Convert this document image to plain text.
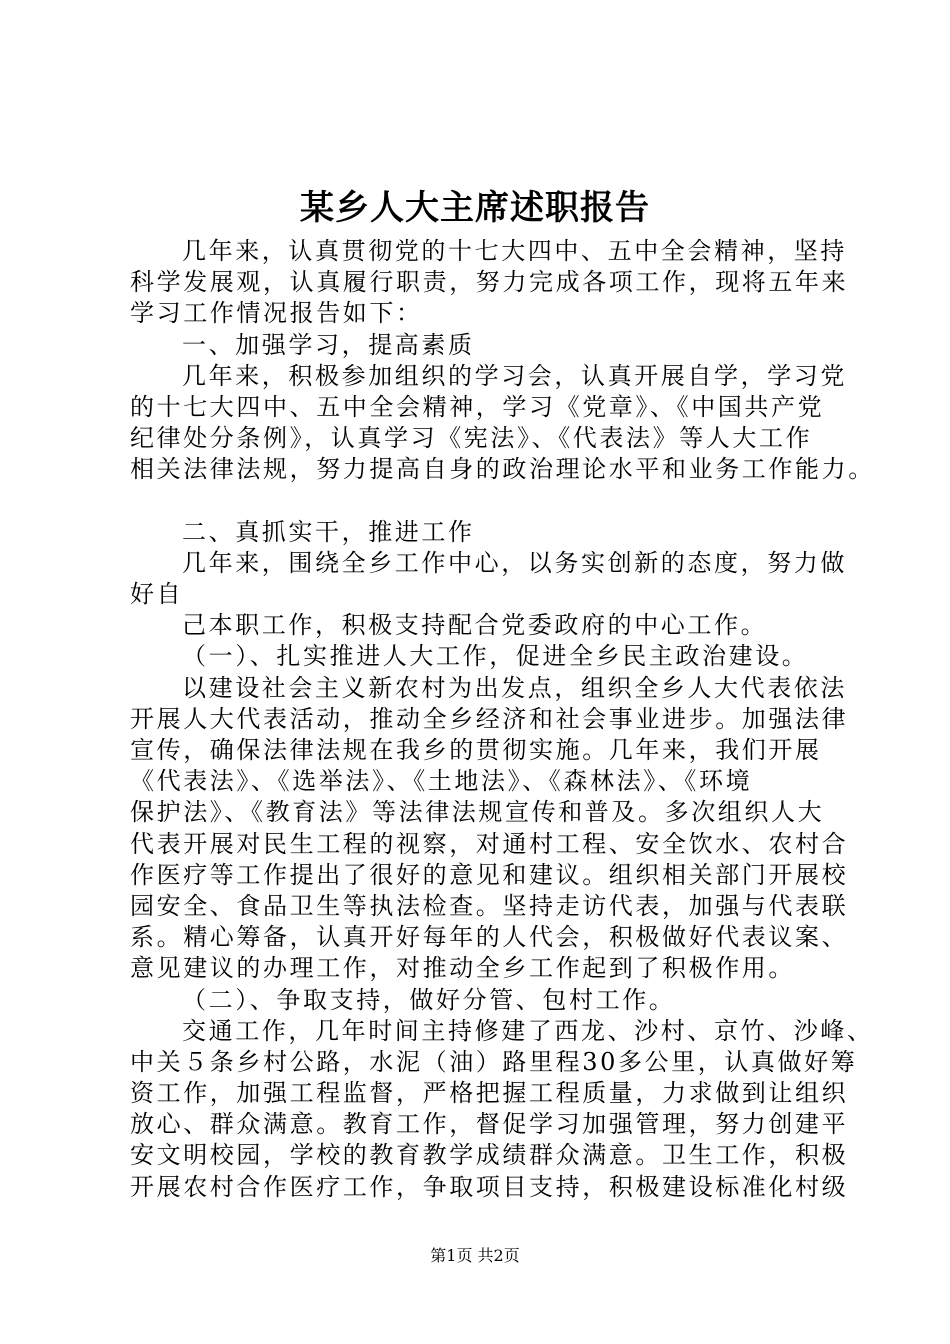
某乡人大主席述职报告
几年来，认真贯彻党的十七大四中、五中全会精神，坚持
科学发展观，认真履行职责，努力完成各项工作，现将五年来
学习工作情况报告如下：
一、加强学习，提高素质
几年来，积极参加组织的学习会，认真开展自学，学习党
的十七大四中、五中全会精神，学习《党章》、《中国共产党
纪律处分条例》，认真学习《宪法》、《代表法》等人大工作
相关法律法规，努力提高自身的政治理论水平和业务工作能力。
二、真抓实干，推进工作
几年来，围绕全乡工作中心，以务实创新的态度，努力做
好自
己本职工作，积极支持配合党委政府的中心工作。
（一）、扎实推进人大工作，促进全乡民主政治建设。
以建设社会主义新农村为出发点，组织全乡人大代表依法
开展人大代表活动，推动全乡经济和社会事业进步。加强法律
宣传，确保法律法规在我乡的贯彻实施。几年来，我们开展
《代表法》、《选举法》、《土地法》、《森林法》、《环境
保护法》、《教育法》等法律法规宣传和普及。多次组织人大
代表开展对民生工程的视察，对通村工程、安全饮水、农村合
作医疗等工作提出了很好的意见和建议。组织相关部门开展校
园安全、食品卫生等执法检查。坚持走访代表，加强与代表联
系。精心筹备，认真开好每年的人代会，积极做好代表议案、
意见建议的办理工作，对推动全乡工作起到了积极作用。
（二）、争取支持，做好分管、包村工作。
交通工作，几年时间主持修建了西龙、沙村、京竹、沙峰、
中关５条乡村公路，水泥（油）路里程30多公里，认真做好筹
资工作，加强工程监督，严格把握工程质量，力求做到让组织
放心、群众满意。教育工作，督促学习加强管理，努力创建平
安文明校园，学校的教育教学成绩群众满意。卫生工作，积极
开展农村合作医疗工作，争取项目支持，积极建设标准化村级
第1页 共2页
